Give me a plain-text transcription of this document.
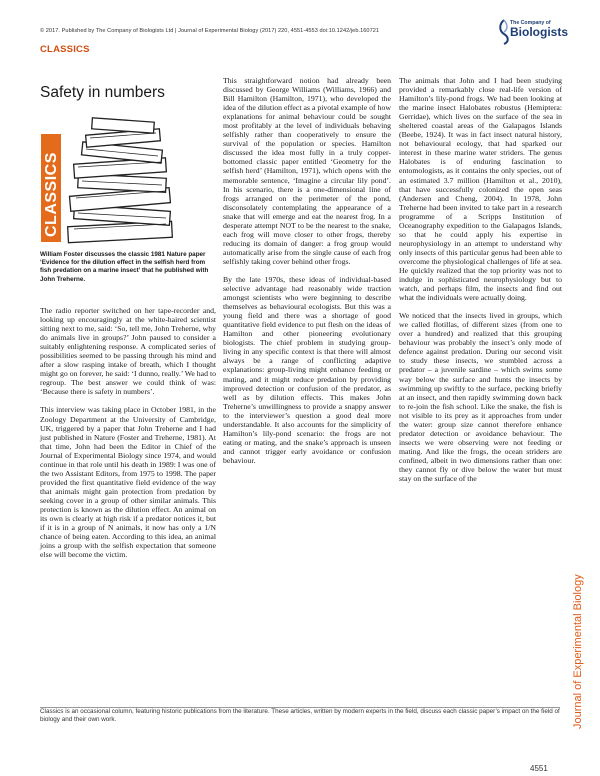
© 2017. Published by The Company of Biologists Ltd | Journal of Experimental Biology (2017) 220, 4551-4553 doi:10.1242/jeb.160721
The Company of
Biologists
CLASSICS
Safety in numbers
CLASSICS
William Foster discusses the classic 1981 Nature paper ‘Evidence for the dilution effect in the selfish herd from fish predation on a marine insect’ that he published with John Treherne.

The radio reporter switched on her tape-recorder and, looking up encouragingly at the white-haired scientist sitting next to me, said: ‘So, tell me, John Treherne, why do animals live in groups?’ John paused to consider a suitably enlightening response. A complicated series of possibilities seemed to be passing through his mind and after a slow rasping intake of breath, which I thought might go on forever, he said: ‘I dunno, really.’ We had to regroup. The best answer we could think of was: ‘Because there is safety in numbers’.

This interview was taking place in October 1981, in the Zoology Department at the University of Cambridge, UK, triggered by a paper that John Treherne and I had just published in Nature (Foster and Treherne, 1981). At that time, John had been the Editor in Chief of the Journal of Experimental Biology since 1974, and would continue in that role until his death in 1989: I was one of the two Assistant Editors, from 1975 to 1998. The paper provided the first quantitative field evidence of the way that animals might gain protection from predation by seeking cover in a group of other similar animals. This protection is known as the dilution effect. An animal on its own is clearly at high risk if a predator notices it, but if it is in a group of N animals, it now has only a 1/N chance of being eaten. According to this idea, an animal joins a group with the selfish expectation that someone else will become the victim.

This straightforward notion had already been discussed by George Williams (Williams, 1966) and Bill Hamilton (Hamilton, 1971), who developed the idea of the dilution effect as a pivotal example of how explanations for animal behaviour could be sought most profitably at the level of individuals behaving selfishly rather than cooperatively to ensure the survival of the population or species. Hamilton discussed the idea most fully in a truly copper-bottomed classic paper entitled ‘Geometry for the selfish herd’ (Hamilton, 1971), which opens with the memorable sentence, ‘Imagine a circular lily pond’. In his scenario, there is a one-dimensional line of frogs arranged on the perimeter of the pond, disconsolately contemplating the appearance of a snake that will emerge and eat the nearest frog. In a desperate attempt NOT to be the nearest to the snake, each frog will move closer to other frogs, thereby reducing its domain of danger: a frog group would automatically arise from the single cause of each frog selfishly taking cover behind other frogs.

By the late 1970s, these ideas of individual-based selective advantage had reasonably wide traction amongst scientists who were beginning to describe themselves as behavioural ecologists. But this was a young field and there was a shortage of good quantitative field evidence to put flesh on the ideas of Hamilton and other pioneering evolutionary biologists. The chief problem in studying group-living in any specific context is that there will almost always be a range of conflicting adaptive explanations: group-living might enhance feeding or mating, and it might reduce predation by providing improved detection or confusion of the predator, as well as by dilution effects. This makes John Treherne’s unwillingness to provide a snappy answer to the interviewer’s question a good deal more understandable. It also accounts for the simplicity of Hamilton’s lily-pond scenario: the frogs are not eating or mating, and the snake’s approach is unseen and cannot trigger early avoidance or confusion behaviour.

The animals that John and I had been studying provided a remarkably close real-life version of Hamilton’s lily-pond frogs. We had been looking at the marine insect Halobates robustus (Hemiptera: Gerridae), which lives on the surface of the sea in sheltered coastal areas of the Galapagos Islands (Beebe, 1924). It was in fact insect natural history, not behavioural ecology, that had sparked our interest in these marine water striders. The genus Halobates is of enduring fascination to entomologists, as it contains the only species, out of an estimated 3.7 million (Hamilton et al., 2010), that have successfully colonized the open seas (Andersen and Cheng, 2004). In 1978, John Treherne had been invited to take part in a research programme of a Scripps Institution of Oceanography expedition to the Galapagos Islands, so that he could apply his expertise in neurophysiology in an attempt to understand why only insects of this particular genus had been able to overcome the physiological challenges of life at sea. He quickly realized that the top priority was not to indulge in sophisticated neurophysiology but to watch, and perhaps film, the insects and find out what the individuals were actually doing.

We noticed that the insects lived in groups, which we called flotillas, of different sizes (from one to over a hundred) and realized that this grouping behaviour was probably the insect’s only mode of defence against predation. During our second visit to study these insects, we stumbled across a predator – a juvenile sardine – which swims some way below the surface and hunts the insects by swimming up swiftly to the surface, pecking briefly at an insect, and then rapidly swimming down back to re-join the fish school. Like the snake, the fish is not visible to its prey as it approaches from under the water: group size cannot therefore enhance predator detection or avoidance behaviour. The insects we were observing were not feeding or mating. And like the frogs, the ocean striders are confined, albeit in two dimensions rather than one: they cannot fly or dive below the water but must stay on the surface of the

Journal of Experimental Biology
Classics is an occasional column, featuring historic publications from the literature. These articles, written by modern experts in the field, discuss each classic paper’s impact on the field of biology and their own work.
4551
